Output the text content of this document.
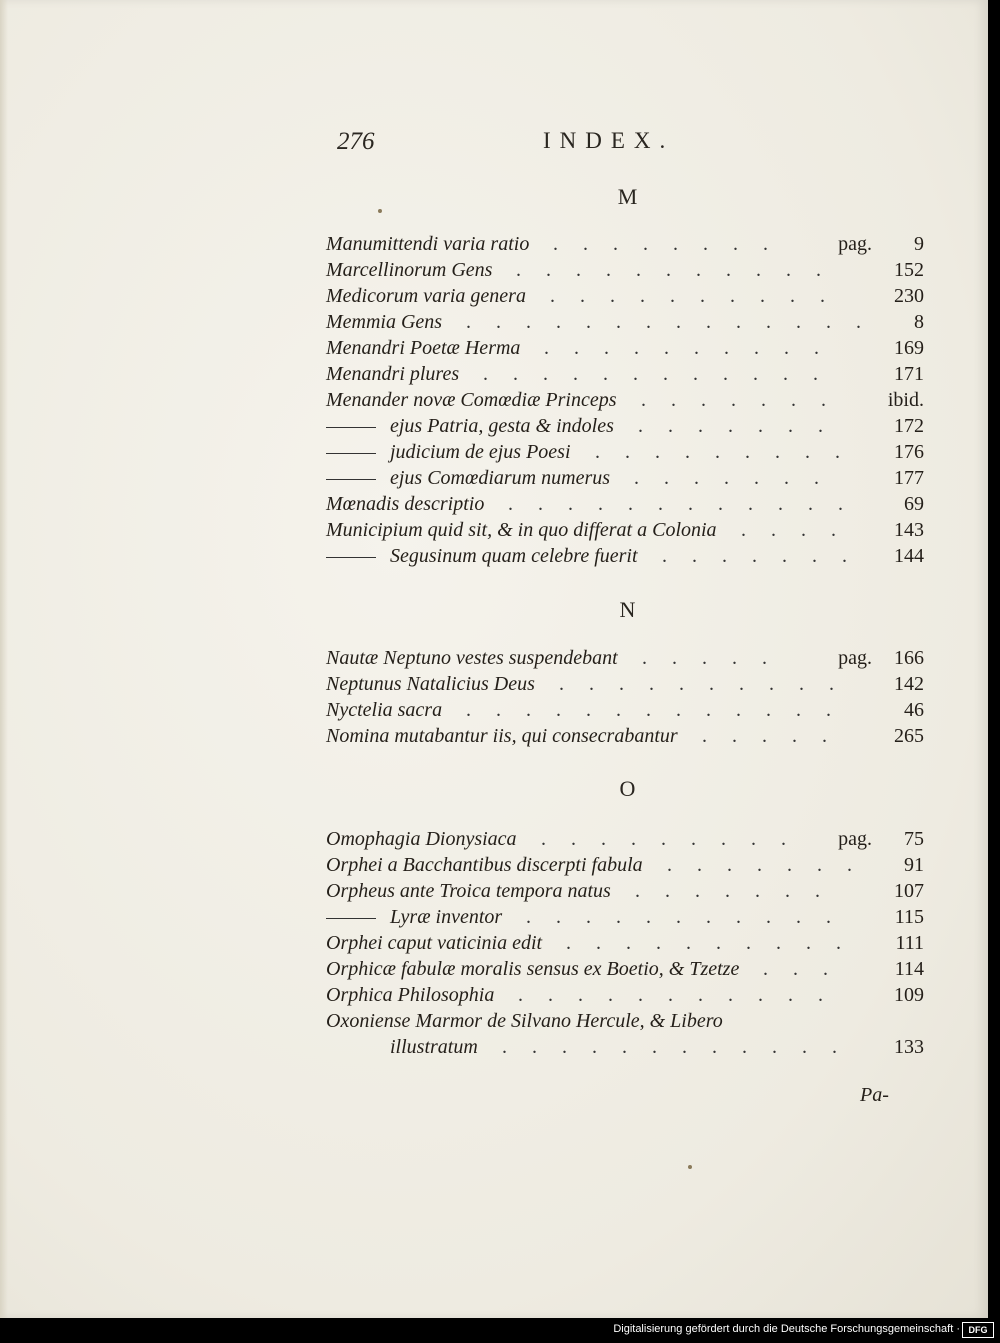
276	INDEX.
M
Manumittendi varia ratio	9
pag.
. . . . . . . .
Marcellinorum Gens	152
. . . . . . . . . . .
Medicorum varia genera	230
. . . . . . . . . .
Memmia Gens	8
. . . . . . . . . . . . . .
Menandri Poetæ Herma	169
. . . . . . . . . .
Menandri plures	171
. . . . . . . . . . . .
Menander novæ Comœdiæ Princeps	ibid.
. . . . . . .
ejus Patria, gesta & indoles	172
. . . . . . .
judicium de ejus Poesi	176
. . . . . . . . .
ejus Comœdiarum numerus	177
. . . . . . .
Mœnadis descriptio	69
. . . . . . . . . . . .
Municipium quid sit, & in quo differat a Colonia	143
. . . .
Segusinum quam celebre fuerit	144
. . . . . . .
N
Nautæ Neptuno vestes suspendebant	166
pag.
. . . . .
Neptunus Natalicius Deus	142
. . . . . . . . . .
Nyctelia sacra	46
. . . . . . . . . . . . .
Nomina mutabantur iis, qui consecrabantur	265
. . . . .
O
Omophagia Dionysiaca	75
pag.
. . . . . . . . .
Orphei a Bacchantibus discerpti fabula	91
. . . . . . .
Orpheus ante Troica tempora natus	107
. . . . . . .
Lyræ inventor	115
. . . . . . . . . . .
Orphei caput vaticinia edit	111
. . . . . . . . . .
Orphicæ fabulæ moralis sensus ex Boetio, & Tzetze	114
. . .
Orphica Philosophia	109
. . . . . . . . . . .
Oxoniense Marmor de Silvano Hercule, & Libero
illustratum	133
. . . . . . . . . . . .
Pa-
Digitalisierung gefördert durch die Deutsche Forschungsgemeinschaft · DFG
